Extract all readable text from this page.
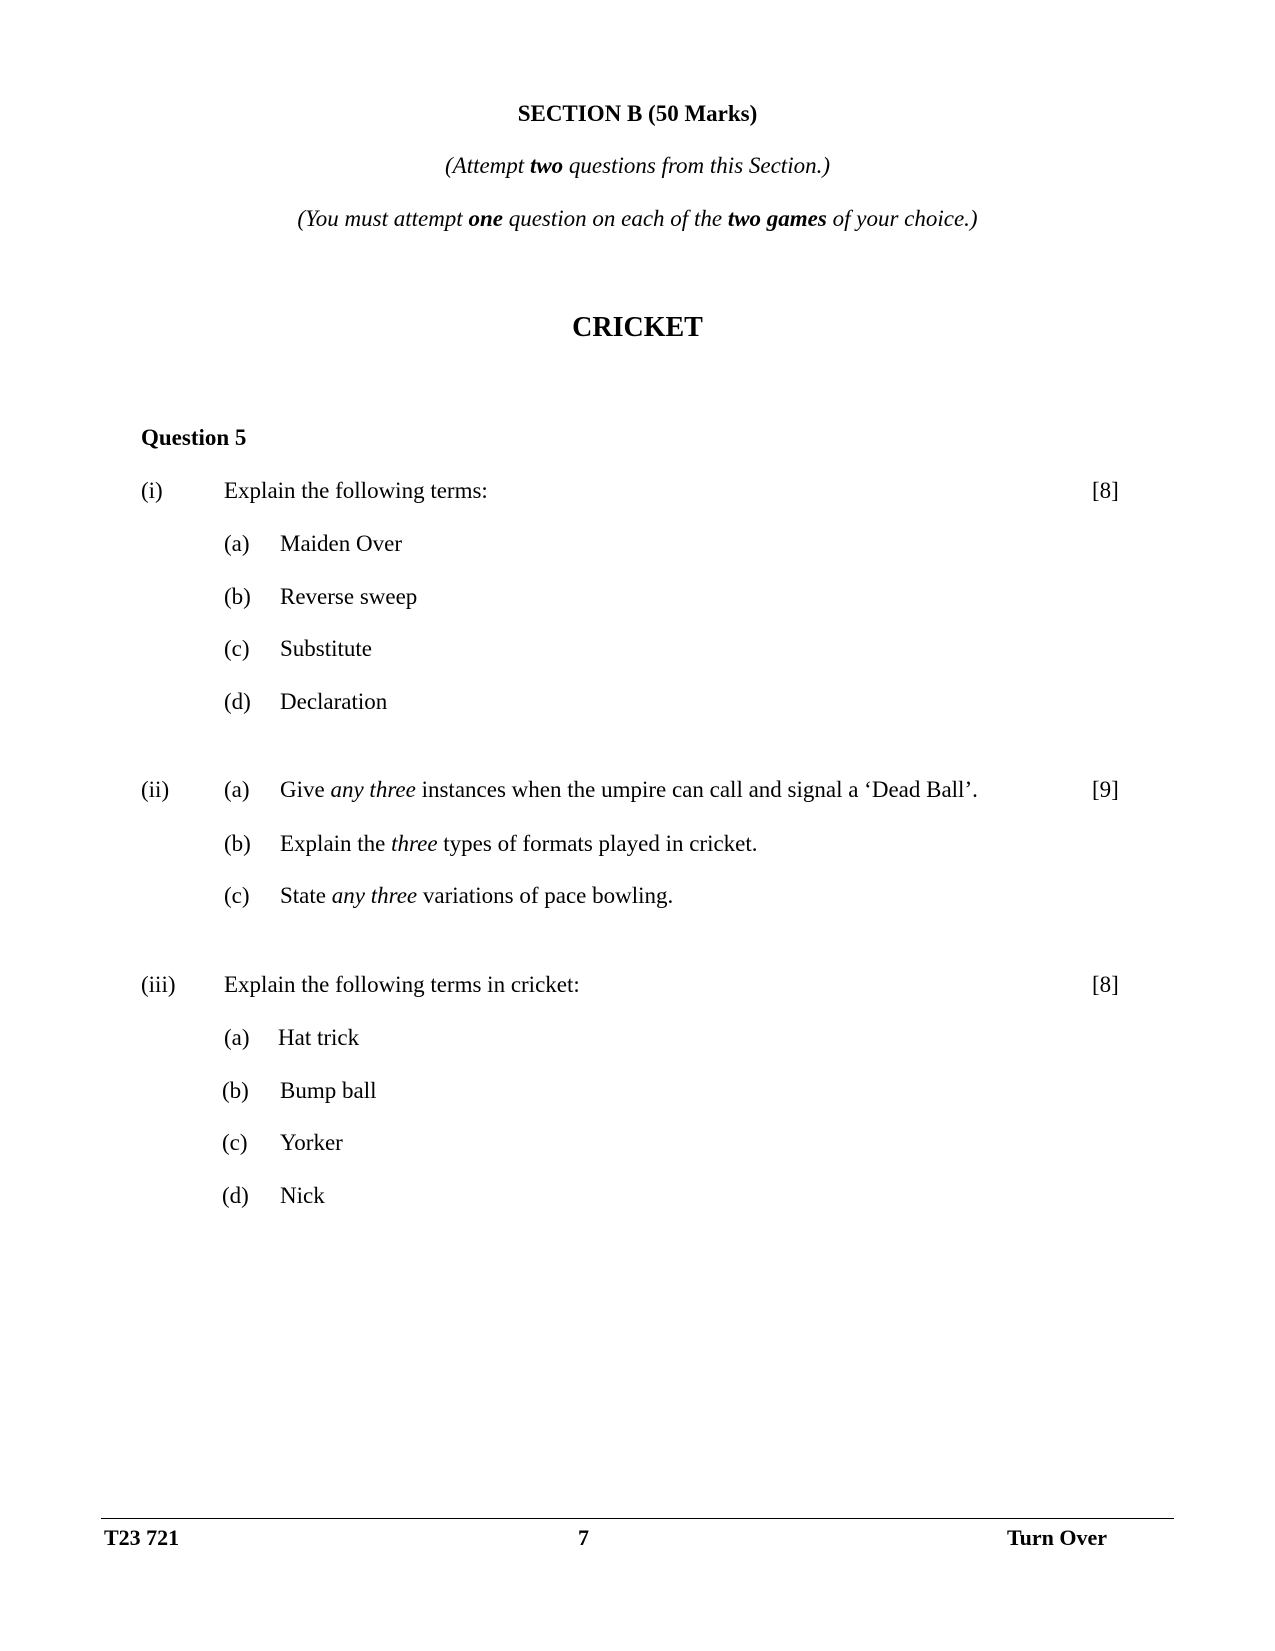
SECTION B (50 Marks)
(Attempt two questions from this Section.)
(You must attempt one question on each of the two games of your choice.)
CRICKET
Question 5
(i)	Explain the following terms:	[8]
(a) Maiden Over
(b) Reverse sweep
(c) Substitute
(d) Declaration
(ii)	[9]
(a) Give any three instances when the umpire can call and signal a ‘Dead Ball’.
(b) Explain the three types of formats played in cricket.
(c) State any three variations of pace bowling.
(iii) Explain the following terms in cricket:	[8]
(a) Hat trick
(b) Bump ball
(c) Yorker
(d) Nick
T23 721	7	Turn Over
